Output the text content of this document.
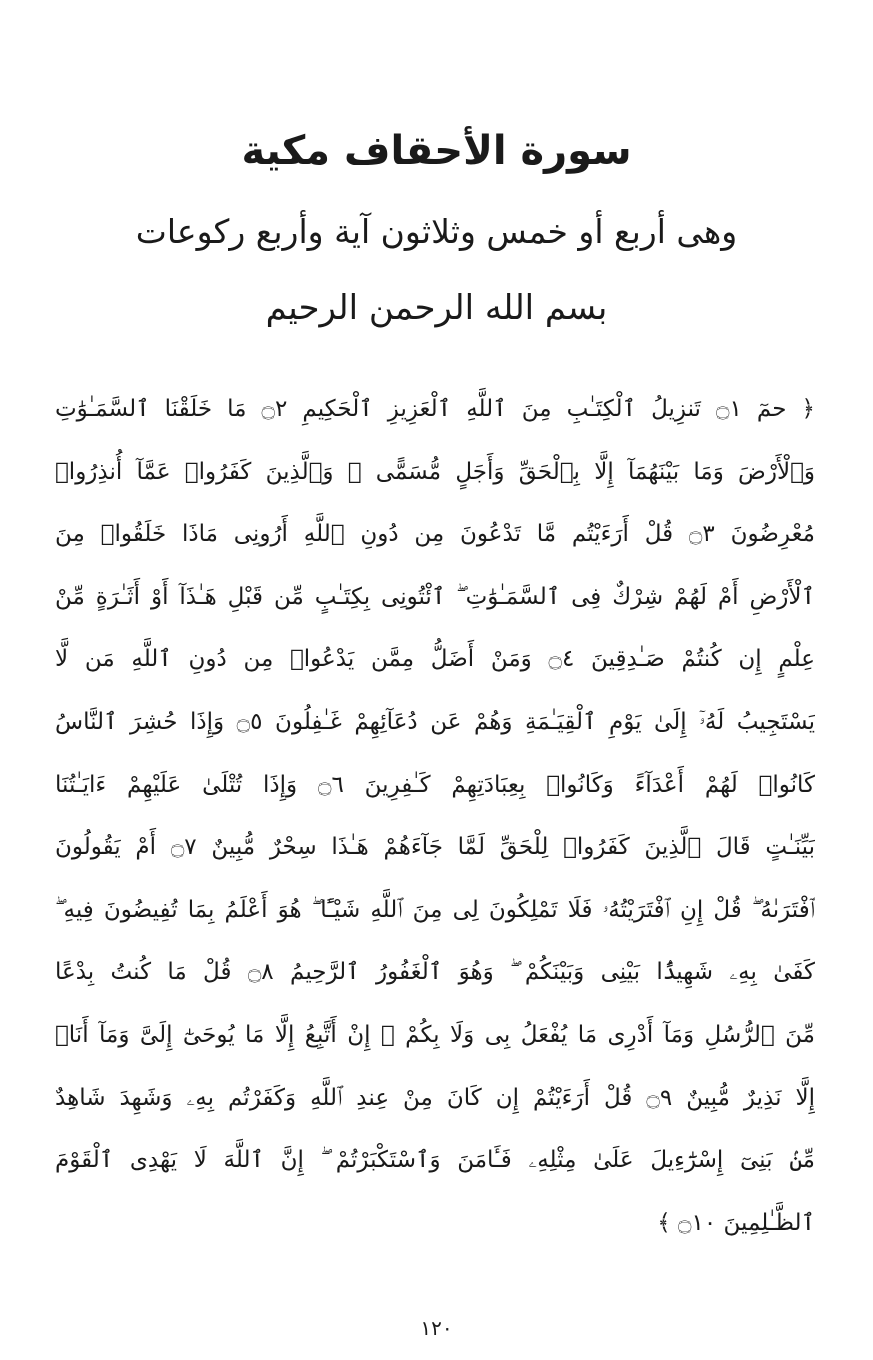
سورة الأحقاف مكية
وهى أربع أو خمس وثلاثون آية وأربع ركوعات
بسم الله الرحمن الرحيم
﴿ حمٓ ۝١ تَنزِيلُ ٱلْكِتَـٰبِ مِنَ ٱللَّهِ ٱلْعَزِيزِ ٱلْحَكِيمِ ۝٢ مَا خَلَقْنَا ٱلسَّمَـٰوَٰتِ
وَٱلْأَرْضَ وَمَا بَيْنَهُمَآ إِلَّا بِٱلْحَقِّ وَأَجَلٍ مُّسَمًّى ۚ وَٱلَّذِينَ كَفَرُوا۟ عَمَّآ أُنذِرُوا۟
مُعْرِضُونَ ۝٣ قُلْ أَرَءَيْتُم مَّا تَدْعُونَ مِن دُونِ ٱللَّهِ أَرُونِى مَاذَا خَلَقُوا۟ مِنَ
ٱلْأَرْضِ أَمْ لَهُمْ شِرْكٌ فِى ٱلسَّمَـٰوَٰتِ ۖ ٱئْتُونِى بِكِتَـٰبٍ مِّن قَبْلِ هَـٰذَآ أَوْ أَثَـٰرَةٍ مِّنْ
عِلْمٍ إِن كُنتُمْ صَـٰدِقِينَ ۝٤ وَمَنْ أَضَلُّ مِمَّن يَدْعُوا۟ مِن دُونِ ٱللَّهِ مَن لَّا
يَسْتَجِيبُ لَهُۥٓ إِلَىٰ يَوْمِ ٱلْقِيَـٰمَةِ وَهُمْ عَن دُعَآئِهِمْ غَـٰفِلُونَ ۝٥ وَإِذَا حُشِرَ ٱلنَّاسُ
كَانُوا۟ لَهُمْ أَعْدَآءً وَكَانُوا۟ بِعِبَادَتِهِمْ كَـٰفِرِينَ ۝٦ وَإِذَا تُتْلَىٰ عَلَيْهِمْ ءَايَـٰتُنَا
بَيِّنَـٰتٍ قَالَ ٱلَّذِينَ كَفَرُوا۟ لِلْحَقِّ لَمَّا جَآءَهُمْ هَـٰذَا سِحْرٌ مُّبِينٌ ۝٧ أَمْ يَقُولُونَ
ٱفْتَرَىٰهُ ۖ قُلْ إِنِ ٱفْتَرَيْتُهُۥ فَلَا تَمْلِكُونَ لِى مِنَ ٱللَّهِ شَيْـًٔا ۖ هُوَ أَعْلَمُ بِمَا تُفِيضُونَ فِيهِ ۖ
كَفَىٰ بِهِۦ شَهِيدًۢا بَيْنِى وَبَيْنَكُمْ ۖ وَهُوَ ٱلْغَفُورُ ٱلرَّحِيمُ ۝٨ قُلْ مَا كُنتُ بِدْعًا
مِّنَ ٱلرُّسُلِ وَمَآ أَدْرِى مَا يُفْعَلُ بِى وَلَا بِكُمْ ۖ إِنْ أَتَّبِعُ إِلَّا مَا يُوحَىٰٓ إِلَىَّ وَمَآ أَنَا۠
إِلَّا نَذِيرٌ مُّبِينٌ ۝٩ قُلْ أَرَءَيْتُمْ إِن كَانَ مِنْ عِندِ ٱللَّهِ وَكَفَرْتُم بِهِۦ وَشَهِدَ شَاهِدٌ
مِّنۢ بَنِىٓ إِسْرَٰٓءِيلَ عَلَىٰ مِثْلِهِۦ فَـَٔامَنَ وَٱسْتَكْبَرْتُمْ ۖ إِنَّ ٱللَّهَ لَا يَهْدِى ٱلْقَوْمَ
ٱلظَّـٰلِمِينَ ۝١٠ ﴾
١٢٠
